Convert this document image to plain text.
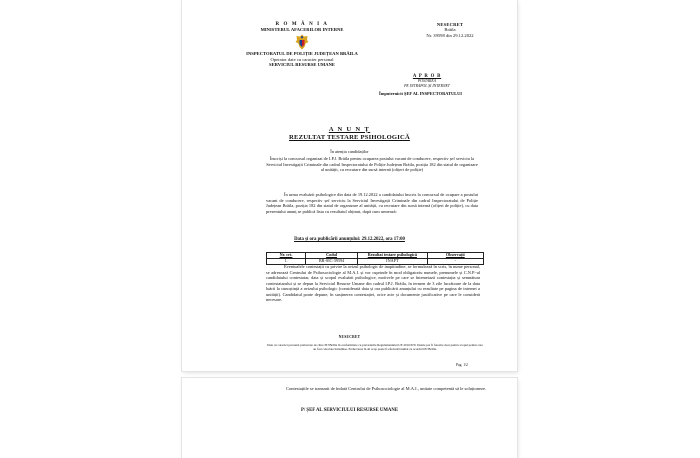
R O M Â N I A
MINISTERUL AFACERILOR INTERNE
INSPECTORATUL DE POLIȚIE JUDEȚEAN BRĂILA
Operator date cu caracter personal
SERVICIUL RESURSE UMANE
NESECRET
Brăila
Nr. 39598 din 29.12.2022
A P R O B
POSTAREA
PE INTRAPOL ȘI INTERNET
Împuternicit ȘEF AL INSPECTORATULUI
A N U N Ț
REZULTAT TESTARE PSIHOLOGICĂ
În atenția candidaților
Înscriși la concursul organizat de I.P.J. Brăila pentru ocuparea postului vacant de conducere, respectiv șef serviciu la Serviciul Investigații Criminale din cadrul Inspectoratului de Poliție Județean Brăila, poziția 182 din statul de organizare al unității, cu recrutare din sursă internă (ofițeri de poliție)
În urma evaluării psihologice din data de 19.12.2022 a candidatului înscris la concursul de ocupare a postului vacant de conducere, respectiv șef serviciu la Serviciul Investigații Criminale din cadrul Inspectoratului de Poliție Județean Brăila, poziția 182 din statul de organizare al unității, cu recrutare din sursă internă (ofițeri de poliție), cu data prezentului anunț se publică lista cu rezultatul obținut, după cum urmează:
Data și ora publicării anunțului: 29.12.2022, ora 17:00
Nr. crt.	Codul	Rezultat testare psihologică	Observații
1.	BR-SIC-39594	INAPT	-
Eventualele contestații cu privire la avizul psihologic de inaptitudine, se formulează în scris, în nume personal, se adresează Centrului de Psihosociologie al M.A.I. și vor cuprinde în mod obligatoriu numele, prenumele și C.N.P.-ul candidatului contestatar, data și scopul evaluării psihologice, motivele pe care se întemeiază contestația și semnătura contestatarului și se depun la Serviciul Resurse Umane din cadrul I.P.J. Brăila, în termen de 3 zile lucrătoare de la data luării la cunoștință a avizului psihologic (considerată data și ora publicării anunțului cu rezultate pe pagina de internet a unității). Candidatul poate depune, în susținerea contestației, orice acte și documente justificative pe care le consideră necesare.
NESECRET
Date cu caracter personal prelucrate de către IPJ Brăila în conformitate cu prevederile Regulamentului UE 2016/679. Datele pot fi folosite doar pentru scopul pentru care au fost colectate/transmise. Prelucrarea în alt scop poate fi efectuată numai cu acordul IPJ Brăila.
Pag. 1/2
Contestațiile se transmit de îndată Centrului de Psihosociologie al M.A.I., unitate competentă să le soluționeze.
P/ ȘEF AL SERVICIULUI RESURSE UMANE
